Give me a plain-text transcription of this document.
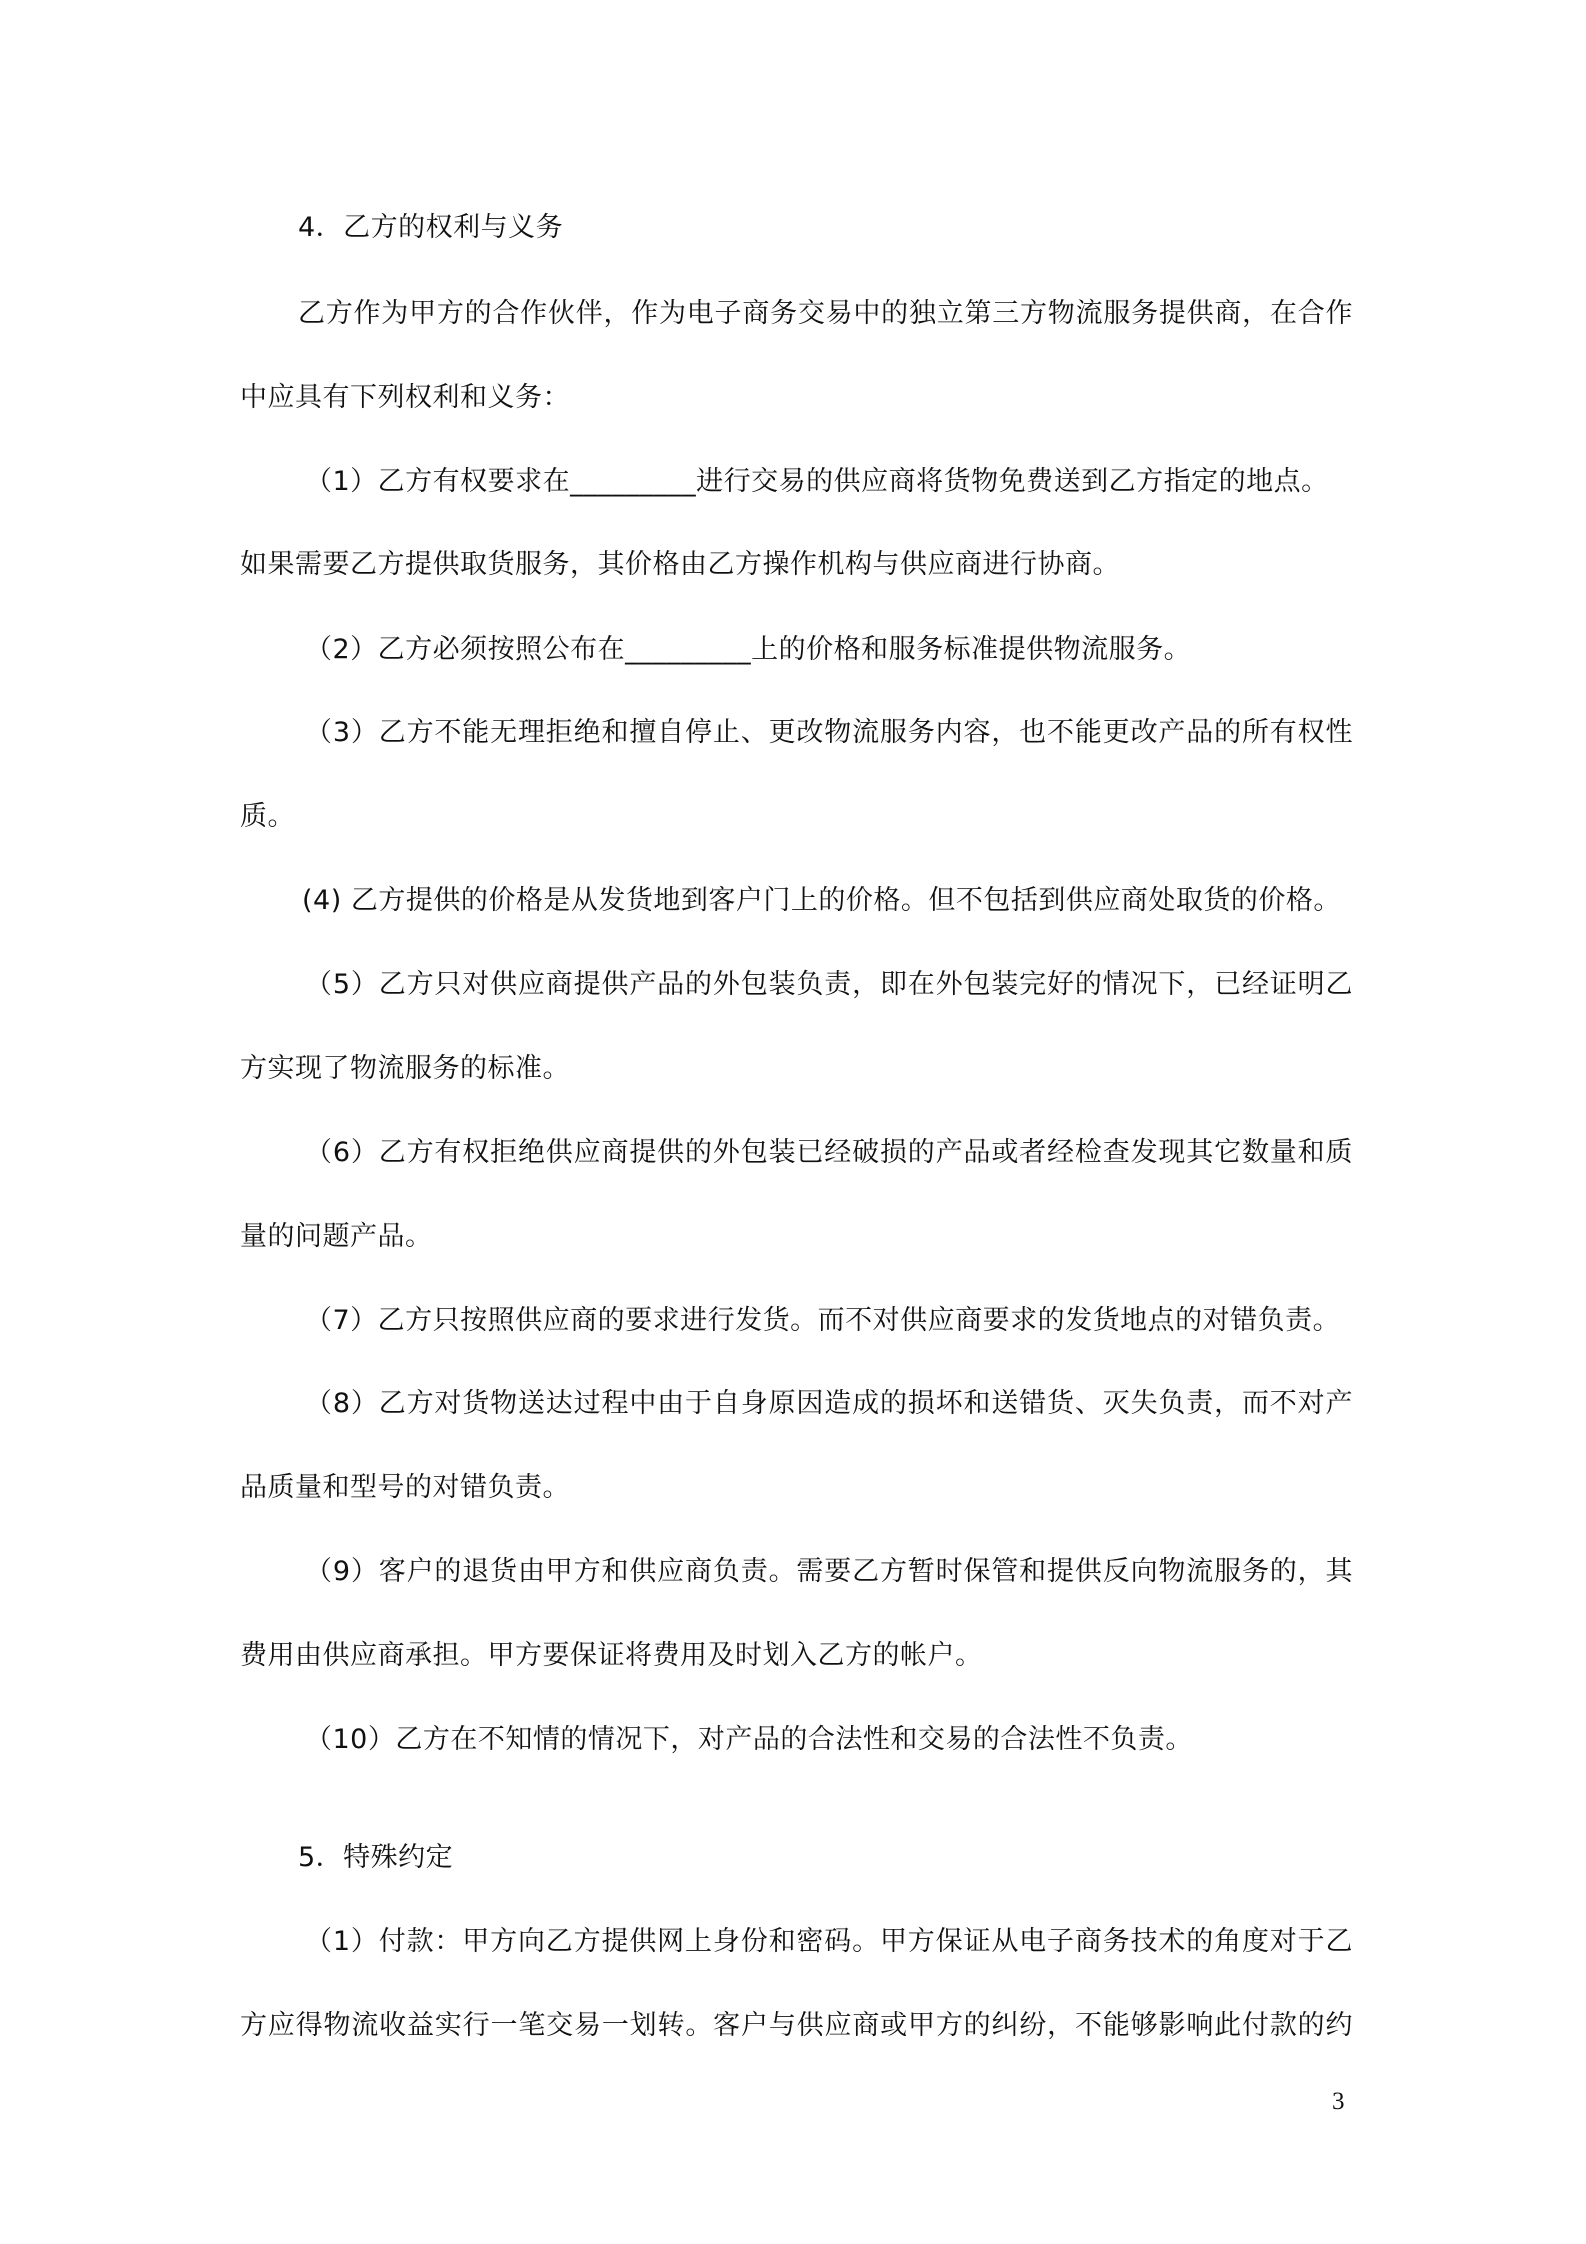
4．乙方的权利与义务
乙方作为甲方的合作伙伴，作为电子商务交易中的独立第三方物流服务提供商，在合作
中应具有下列权利和义务：
（1）乙方有权要求在_________进行交易的供应商将货物免费送到乙方指定的地点。
如果需要乙方提供取货服务，其价格由乙方操作机构与供应商进行协商。
（2）乙方必须按照公布在_________上的价格和服务标准提供物流服务。
（3）乙方不能无理拒绝和擅自停止、更改物流服务内容，也不能更改产品的所有权性
质。
(4) 乙方提供的价格是从发货地到客户门上的价格。但不包括到供应商处取货的价格。
（5）乙方只对供应商提供产品的外包装负责，即在外包装完好的情况下，已经证明乙
方实现了物流服务的标准。
（6）乙方有权拒绝供应商提供的外包装已经破损的产品或者经检查发现其它数量和质
量的问题产品。
（7）乙方只按照供应商的要求进行发货。而不对供应商要求的发货地点的对错负责。
（8）乙方对货物送达过程中由于自身原因造成的损坏和送错货、灭失负责，而不对产
品质量和型号的对错负责。
（9）客户的退货由甲方和供应商负责。需要乙方暂时保管和提供反向物流服务的，其
费用由供应商承担。甲方要保证将费用及时划入乙方的帐户。
（10）乙方在不知情的情况下，对产品的合法性和交易的合法性不负责。
5．特殊约定
（1）付款：甲方向乙方提供网上身份和密码。甲方保证从电子商务技术的角度对于乙
方应得物流收益实行一笔交易一划转。客户与供应商或甲方的纠纷，不能够影响此付款的约
3
